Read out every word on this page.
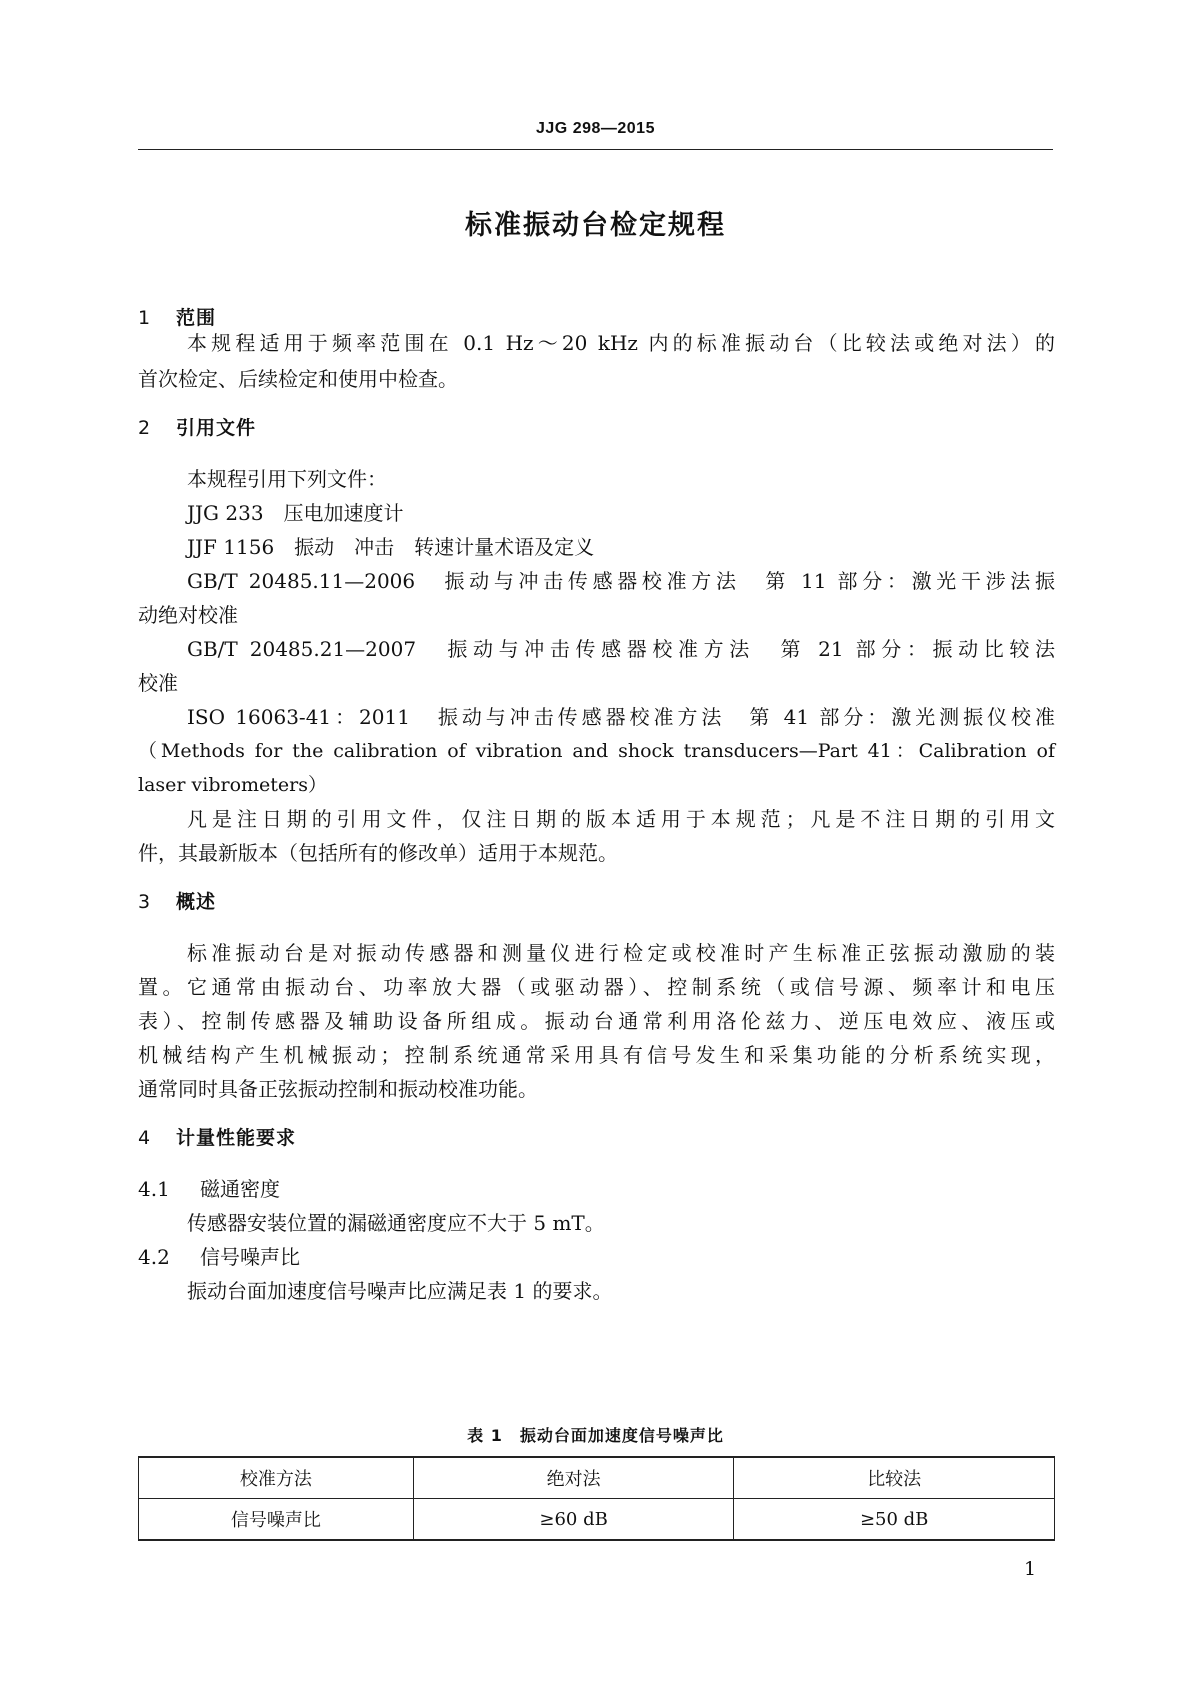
JJG 298—2015
标准振动台检定规程
1 范围
本规程适用于频率范围在 0.1 Hz～20 kHz 内的标准振动台（比较法或绝对法）的
首次检定、后续检定和使用中检查。
2 引用文件
本规程引用下列文件：
JJG 233　压电加速度计
JJF 1156　振动　冲击　转速计量术语及定义
GB/T 20485.11—2006　振动与冲击传感器校准方法　第 11 部分：激光干涉法振
动绝对校准
GB/T 20485.21—2007　振动与冲击传感器校准方法　第 21 部分：振动比较法
校准
ISO 16063-41：2011　振动与冲击传感器校准方法　第 41 部分：激光测振仪校准
（Methods for the calibration of vibration and shock transducers—Part 41：Calibration of
laser vibrometers）
凡是注日期的引用文件，仅注日期的版本适用于本规范；凡是不注日期的引用文
件，其最新版本（包括所有的修改单）适用于本规范。
3 概述
标准振动台是对振动传感器和测量仪进行检定或校准时产生标准正弦振动激励的装
置。它通常由振动台、功率放大器（或驱动器）、控制系统（或信号源、频率计和电压
表）、控制传感器及辅助设备所组成。振动台通常利用洛伦兹力、逆压电效应、液压或
机械结构产生机械振动；控制系统通常采用具有信号发生和采集功能的分析系统实现，
通常同时具备正弦振动控制和振动校准功能。
4 计量性能要求
4.1 磁通密度
传感器安装位置的漏磁通密度应不大于 5 mT。
4.2 信号噪声比
振动台面加速度信号噪声比应满足表 1 的要求。
表 1　振动台面加速度信号噪声比
校准方法	绝对法	比较法
信号噪声比	≥60 dB	≥50 dB
1
